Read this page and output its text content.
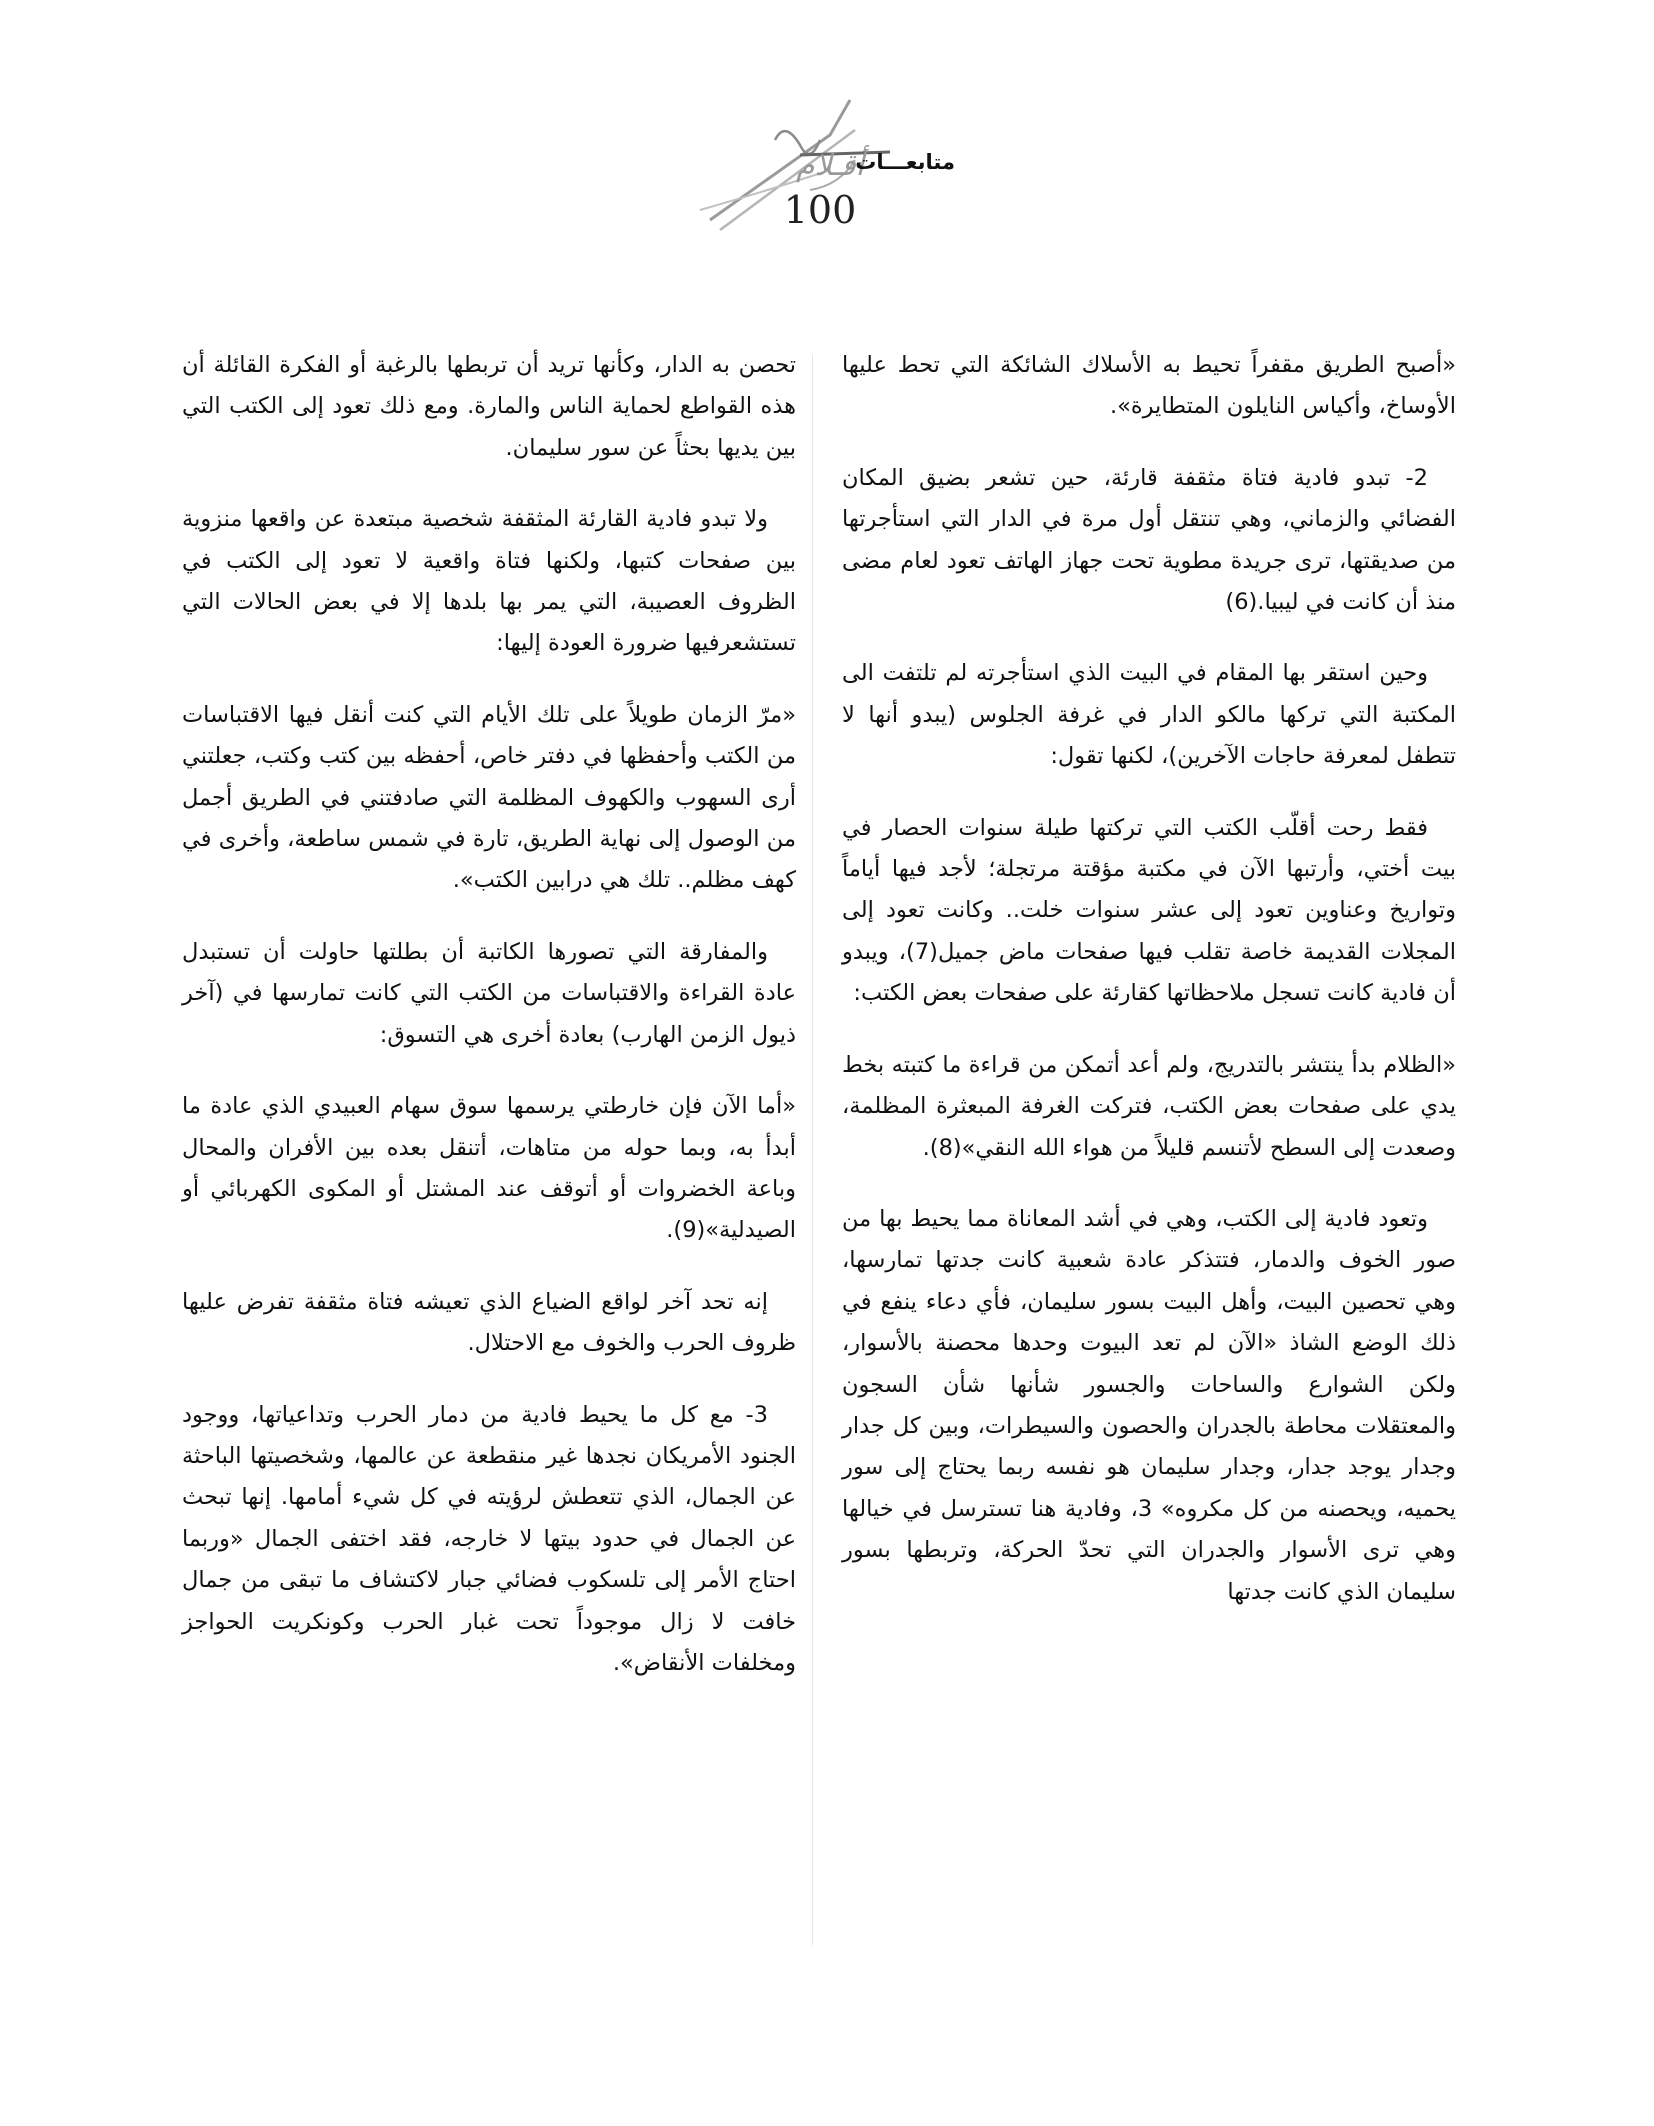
أقـلام
متابعـــات
100

«أصبح الطريق مقفراً تحيط به الأسلاك الشائكة التي تحط عليها الأوساخ، وأكياس النايلون المتطايرة».

2- تبدو فادية فتاة مثقفة قارئة، حين تشعر بضيق المكان الفضائي والزماني، وهي تنتقل أول مرة في الدار التي استأجرتها من صديقتها، ترى جريدة مطوية تحت جهاز الهاتف تعود لعام مضى منذ أن كانت في ليبيا.(6)

وحين استقر بها المقام في البيت الذي استأجرته لم تلتفت الى المكتبة التي تركها مالكو الدار في غرفة الجلوس (يبدو أنها لا تتطفل لمعرفة حاجات الآخرين)، لكنها تقول:

فقط رحت أقلّب الكتب التي تركتها طيلة سنوات الحصار في بيت أختي، وأرتبها الآن في مكتبة مؤقتة مرتجلة؛ لأجد فيها أياماً وتواريخ وعناوين تعود إلى عشر سنوات خلت.. وكانت تعود إلى المجلات القديمة خاصة تقلب فيها صفحات ماض جميل(7)، ويبدو أن فادية كانت تسجل ملاحظاتها كقارئة على صفحات بعض الكتب:

«الظلام بدأ ينتشر بالتدريج، ولم أعد أتمكن من قراءة ما كتبته بخط يدي على صفحات بعض الكتب، فتركت الغرفة المبعثرة المظلمة، وصعدت إلى السطح لأتنسم قليلاً من هواء الله النقي»(8).

وتعود فادية إلى الكتب، وهي في أشد المعاناة مما يحيط بها من صور الخوف والدمار، فتتذكر عادة شعبية كانت جدتها تمارسها، وهي تحصين البيت، وأهل البيت بسور سليمان، فأي دعاء ينفع في ذلك الوضع الشاذ «الآن لم تعد البيوت وحدها محصنة بالأسوار، ولكن الشوارع والساحات والجسور شأنها شأن السجون والمعتقلات محاطة بالجدران والحصون والسيطرات، وبين كل جدار وجدار يوجد جدار، وجدار سليمان هو نفسه ربما يحتاج إلى سور يحميه، ويحصنه من كل مكروه» 3، وفادية هنا تسترسل في خيالها وهي ترى الأسوار والجدران التي تحدّ الحركة، وتربطها بسور سليمان الذي كانت جدتها

تحصن به الدار، وكأنها تريد أن تربطها بالرغبة أو الفكرة القائلة أن هذه القواطع لحماية الناس والمارة. ومع ذلك تعود إلى الكتب التي بين يديها بحثاً عن سور سليمان.

ولا تبدو فادية القارئة المثقفة شخصية مبتعدة عن واقعها منزوية بين صفحات كتبها، ولكنها فتاة واقعية لا تعود إلى الكتب في الظروف العصيبة، التي يمر بها بلدها إلا في بعض الحالات التي تستشعرفيها ضرورة العودة إليها:

«مرّ الزمان طويلاً على تلك الأيام التي كنت أنقل فيها الاقتباسات من الكتب وأحفظها في دفتر خاص، أحفظه بين كتب وكتب، جعلتني أرى السهوب والكهوف المظلمة التي صادفتني في الطريق أجمل من الوصول إلى نهاية الطريق، تارة في شمس ساطعة، وأخرى في كهف مظلم.. تلك هي درابين الكتب».

والمفارقة التي تصورها الكاتبة أن بطلتها حاولت أن تستبدل عادة القراءة والاقتباسات من الكتب التي كانت تمارسها في (آخر ذيول الزمن الهارب) بعادة أخرى هي التسوق:

«أما الآن فإن خارطتي يرسمها سوق سهام العبيدي الذي عادة ما أبدأ به، وبما حوله من متاهات، أتنقل بعده بين الأفران والمحال وباعة الخضروات أو أتوقف عند المشتل أو المكوى الكهربائي أو الصيدلية»(9).

إنه تحد آخر لواقع الضياع الذي تعيشه فتاة مثقفة تفرض عليها ظروف الحرب والخوف مع الاحتلال.

3- مع كل ما يحيط فادية من دمار الحرب وتداعياتها، ووجود الجنود الأمريكان نجدها غير منقطعة عن عالمها، وشخصيتها الباحثة عن الجمال، الذي تتعطش لرؤيته في كل شيء أمامها. إنها تبحث عن الجمال في حدود بيتها لا خارجه، فقد اختفى الجمال «وربما احتاج الأمر إلى تلسكوب فضائي جبار لاكتشاف ما تبقى من جمال خافت لا زال موجوداً تحت غبار الحرب وكونكريت الحواجز ومخلفات الأنقاض».
